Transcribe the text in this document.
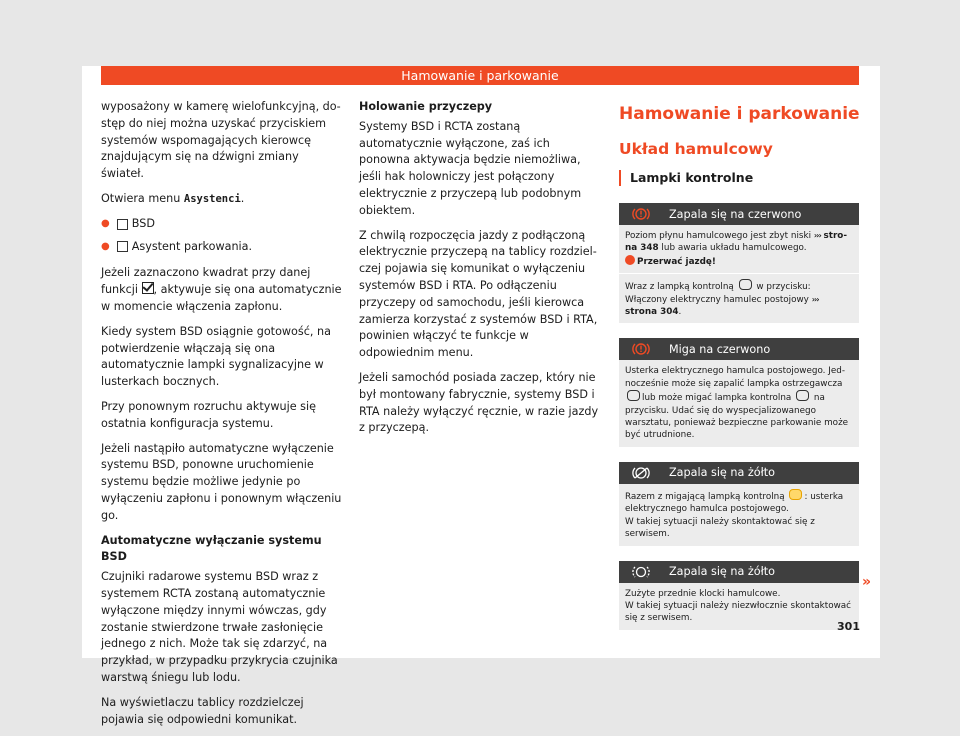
Hamowanie i parkowanie

wyposażony w kamerę wielofunkcyjną, dostęp do niej można uzyskać przyciskiem systemów wspomagających kierowcę znajdującym się na dźwigni zmiany świateł.

Otwiera menu Asystenci.

● BSD
● Asystent parkowania.

Jeżeli zaznaczono kwadrat przy danej funkcji , aktywuje się ona automatycznie w momencie włączenia zapłonu.

Kiedy system BSD osiągnie gotowość, na potwierdzenie włączają się ona automatycznie lampki sygnalizacyjne w lusterkach bocznych.

Przy ponownym rozruchu aktywuje się ostatnia konfiguracja systemu.

Jeżeli nastąpiło automatyczne wyłączenie systemu BSD, ponowne uruchomienie systemu będzie możliwe jedynie po wyłączeniu zapłonu i ponownym włączeniu go.

Automatyczne wyłączanie systemu BSD

Czujniki radarowe systemu BSD wraz z systemem RCTA zostaną automatycznie wyłączone między innymi wówczas, gdy zostanie stwierdzone trwałe zasłonięcie jednego z nich. Może tak się zdarzyć, na przykład, w przypadku przykrycia czujnika warstwą śniegu lub lodu.

Na wyświetlaczu tablicy rozdzielczej pojawia się odpowiedni komunikat.

Holowanie przyczepy

Systemy BSD i RCTA zostaną automatycznie wyłączone, zaś ich ponowna aktywacja będzie niemożliwa, jeśli hak holowniczy jest połączony elektrycznie z przyczepą lub podobnym obiektem.

Z chwilą rozpoczęcia jazdy z podłączoną elektrycznie przyczepą na tablicy rozdzielczej pojawia się komunikat o wyłączeniu systemów BSD i RTA. Po odłączeniu przyczepy od samochodu, jeśli kierowca zamierza korzystać z systemów BSD i RTA, powinien włączyć te funkcje w odpowiednim menu.

Jeżeli samochód posiada zaczep, który nie był montowany fabrycznie, systemy BSD i RTA należy wyłączyć ręcznie, w razie jazdy z przyczepą.

Hamowanie i parkowanie
Układ hamulcowy
Lampki kontrolne
Zapala się na czerwono
Poziom płynu hamulcowego jest zbyt niski ››› strona 348 lub awaria układu hamulcowego.
Przerwać jazdę!
Wraz z lampką kontrolną	w przycisku: Włączony elektryczny hamulec postojowy ››› strona 304.
Miga na czerwono
Usterka elektrycznego hamulca postojowego. Jednocześnie może się zapalić lampka ostrzegawcza lub może migać lampka kontrolna	na przycisku. Udać się do wyspecjalizowanego warsztatu, ponieważ bezpieczne parkowanie może być utrudnione.
Zapala się na żółto
Razem z migającą lampką kontrolną : usterka elektrycznego hamulca postojowego.
W takiej sytuacji należy skontaktować się z serwisem.
Zapala się na żółto
Zużyte przednie klocki hamulcowe.
W takiej sytuacji należy niezwłocznie skontaktować się z serwisem.
»
301
